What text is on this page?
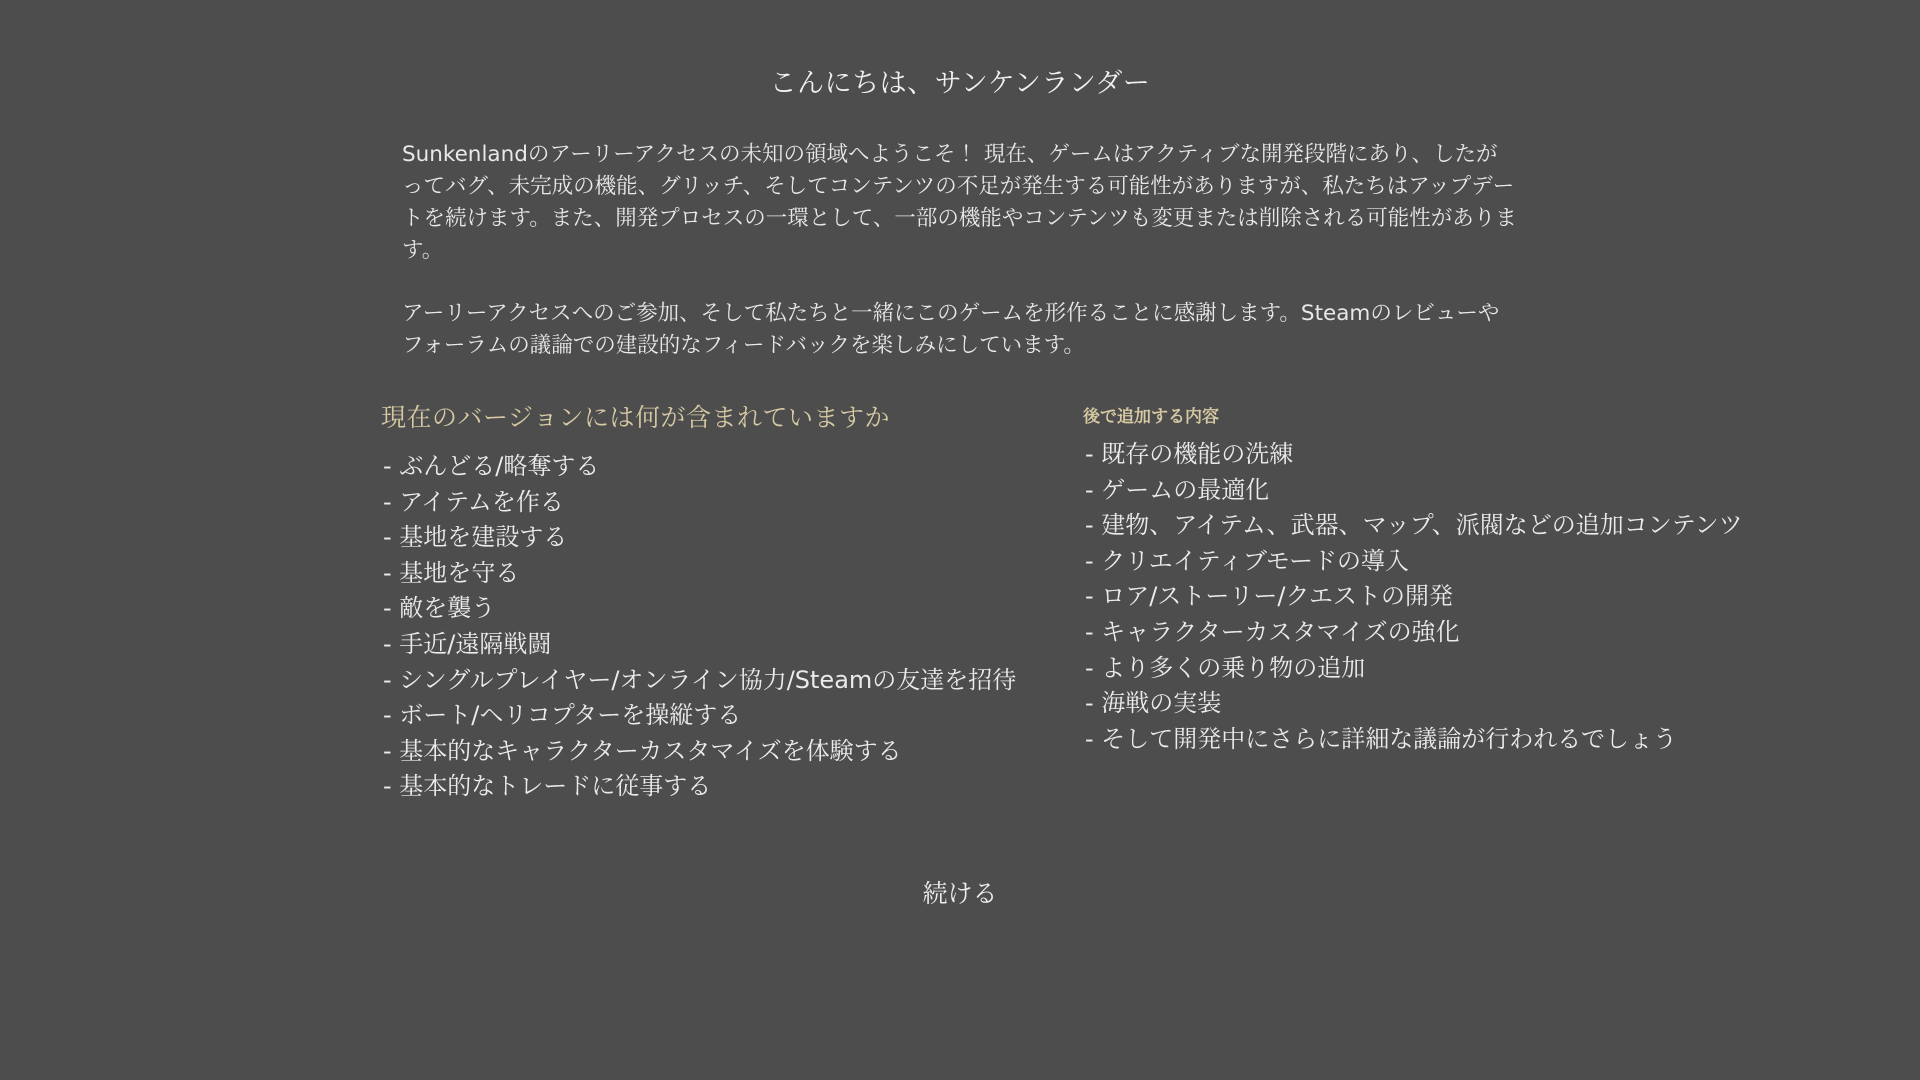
こんにちは、サンケンランダー

Sunkenlandのアーリーアクセスの未知の領域へようこそ！ 現在、ゲームはアクティブな開発段階にあり、したがってバグ、未完成の機能、グリッチ、そしてコンテンツの不足が発生する可能性がありますが、私たちはアップデートを続けます。また、開発プロセスの一環として、一部の機能やコンテンツも変更または削除される可能性があります。

アーリーアクセスへのご参加、そして私たちと一緒にこのゲームを形作ることに感謝します。Steamのレビューやフォーラムの議論での建設的なフィードバックを楽しみにしています。

現在のバージョンには何が含まれていますか
- ぶんどる/略奪する
- アイテムを作る
- 基地を建設する
- 基地を守る
- 敵を襲う
- 手近/遠隔戦闘
- シングルプレイヤー/オンライン協力/Steamの友達を招待
- ボート/ヘリコプターを操縦する
- 基本的なキャラクターカスタマイズを体験する
- 基本的なトレードに従事する
後で追加する内容
- 既存の機能の洗練
- ゲームの最適化
- 建物、アイテム、武器、マップ、派閥などの追加コンテンツ
- クリエイティブモードの導入
- ロア/ストーリー/クエストの開発
- キャラクターカスタマイズの強化
- より多くの乗り物の追加
- 海戦の実装
- そして開発中にさらに詳細な議論が行われるでしょう
続ける
